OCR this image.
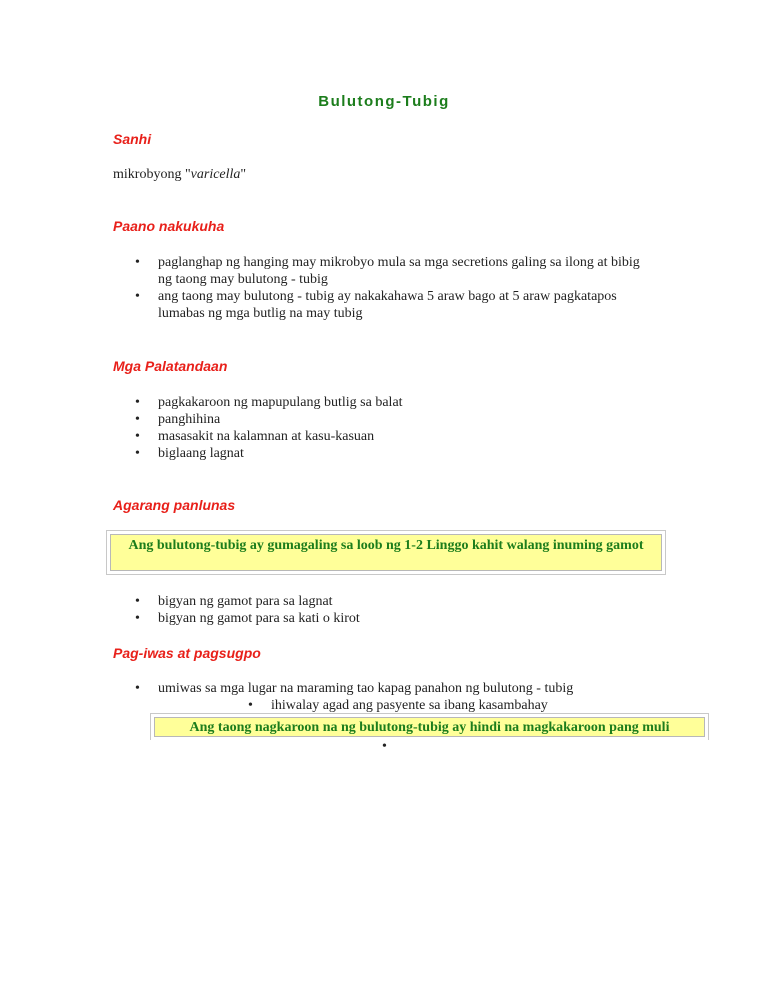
Bulutong-Tubig
Sanhi
mikrobyong "varicella"
Paano nakukuha
• paglanghap ng hanging may mikrobyo mula sa mga secretions galing sa ilong at bibig ng taong may bulutong - tubig
• ang taong may bulutong - tubig ay nakakahawa 5 araw bago at 5 araw pagkatapos lumabas ng mga butlig na may tubig
Mga Palatandaan
• pagkakaroon ng mapupulang butlig sa balat
• panghihina
• masasakit na kalamnan at kasu-kasuan
• biglaang lagnat
Agarang panlunas
Ang bulutong-tubig ay gumagaling sa loob ng 1-2 Linggo kahit walang inuming gamot
• bigyan ng gamot para sa lagnat
• bigyan ng gamot para sa kati o kirot
Pag-iwas at pagsugpo
• umiwas sa mga lugar na maraming tao kapag panahon ng bulutong - tubig
• ihiwalay agad ang pasyente sa ibang kasambahay
Ang taong nagkaroon na ng bulutong-tubig ay hindi na magkakaroon pang muli
•
